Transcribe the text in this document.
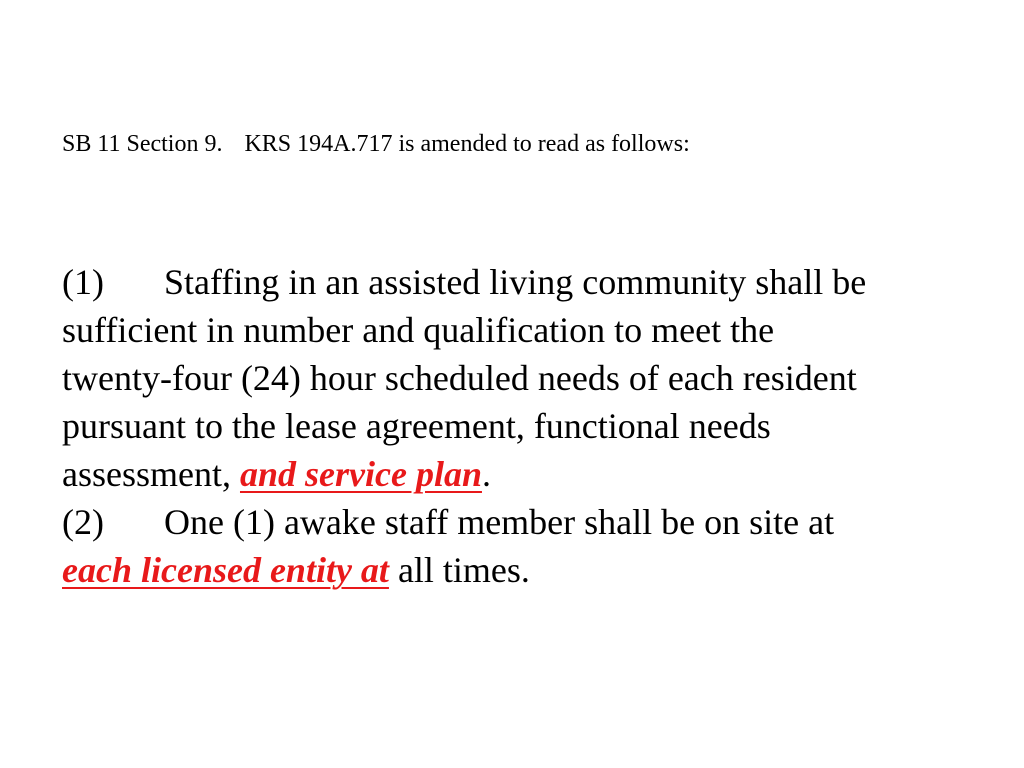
SB 11 Section 9. KRS 194A.717 is amended to read as follows:
(1) Staffing in an assisted living community shall be
sufficient in number and qualification to meet the
twenty-four (24) hour scheduled needs of each resident
pursuant to the lease agreement, functional needs
assessment, and service plan.
(2) One (1) awake staff member shall be on site at
each licensed entity at all times.
